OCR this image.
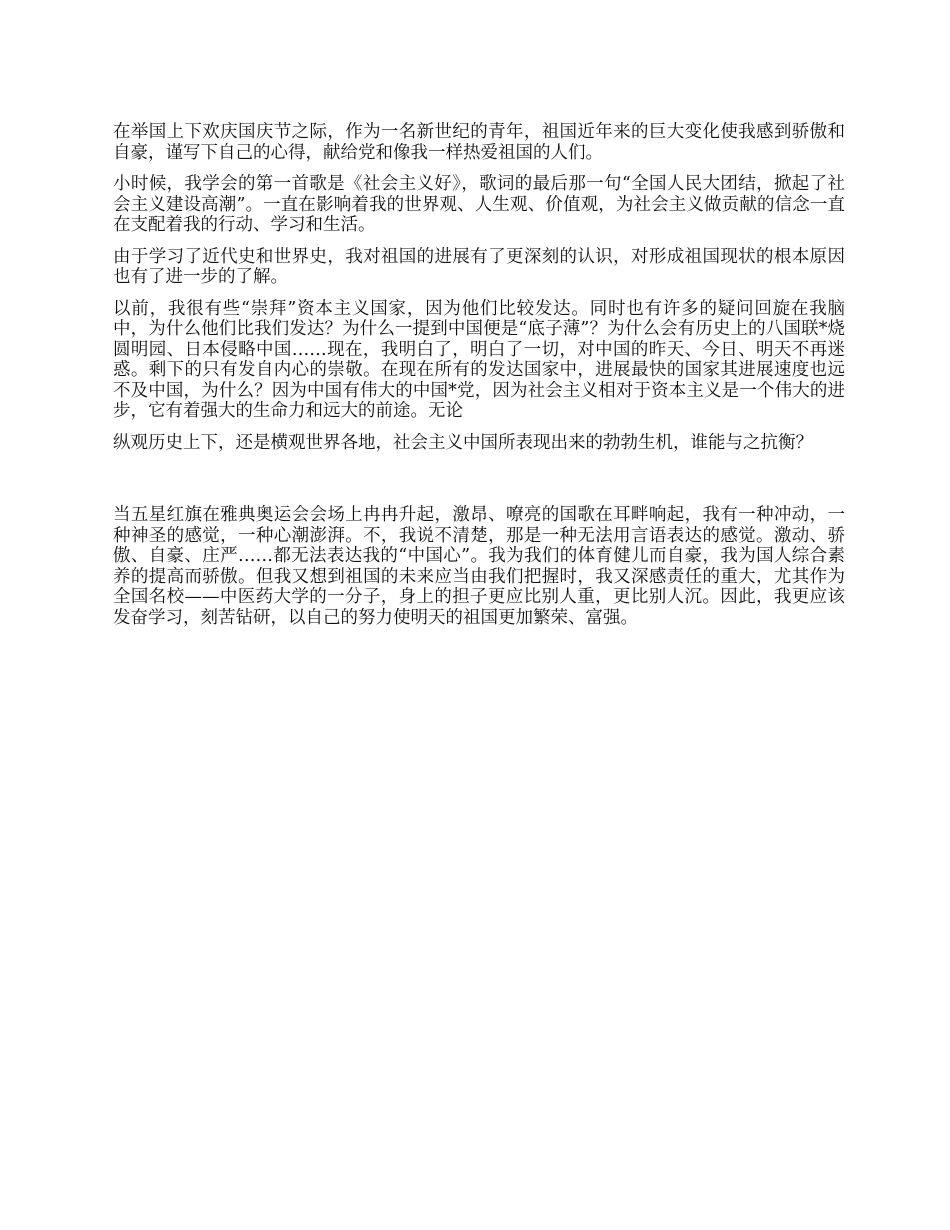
在举国上下欢庆国庆节之际，作为一名新世纪的青年，祖国近年来的巨大变化使我感到骄傲和自豪，谨写下自己的心得，献给党和像我一样热爱祖国的人们。

小时候，我学会的第一首歌是《社会主义好》，歌词的最后那一句“全国人民大团结，掀起了社会主义建设高潮”。一直在影响着我的世界观、人生观、价值观，为社会主义做贡献的信念一直在支配着我的行动、学习和生活。

由于学习了近代史和世界史，我对祖国的进展有了更深刻的认识，对形成祖国现状的根本原因也有了进一步的了解。

以前，我很有些“崇拜”资本主义国家，因为他们比较发达。同时也有许多的疑问回旋在我脑中，为什么他们比我们发达？为什么一提到中国便是“底子薄”？为什么会有历史上的八国联*烧圆明园、日本侵略中国……现在，我明白了，明白了一切，对中国的昨天、今日、明天不再迷惑。剩下的只有发自内心的崇敬。在现在所有的发达国家中，进展最快的国家其进展速度也远不及中国，为什么？因为中国有伟大的中国*党，因为社会主义相对于资本主义是一个伟大的进步，它有着强大的生命力和远大的前途。无论

纵观历史上下，还是横观世界各地，社会主义中国所表现出来的勃勃生机，谁能与之抗衡？

当五星红旗在雅典奥运会会场上冉冉升起，激昂、嘹亮的国歌在耳畔响起，我有一种冲动，一种神圣的感觉，一种心潮澎湃。不，我说不清楚，那是一种无法用言语表达的感觉。激动、骄傲、自豪、庄严……都无法表达我的“中国心”。我为我们的体育健儿而自豪，我为国人综合素养的提高而骄傲。但我又想到祖国的未来应当由我们把握时，我又深感责任的重大，尤其作为全国名校——中医药大学的一分子，身上的担子更应比别人重，更比别人沉。因此，我更应该发奋学习，刻苦钻研，以自己的努力使明天的祖国更加繁荣、富强。
